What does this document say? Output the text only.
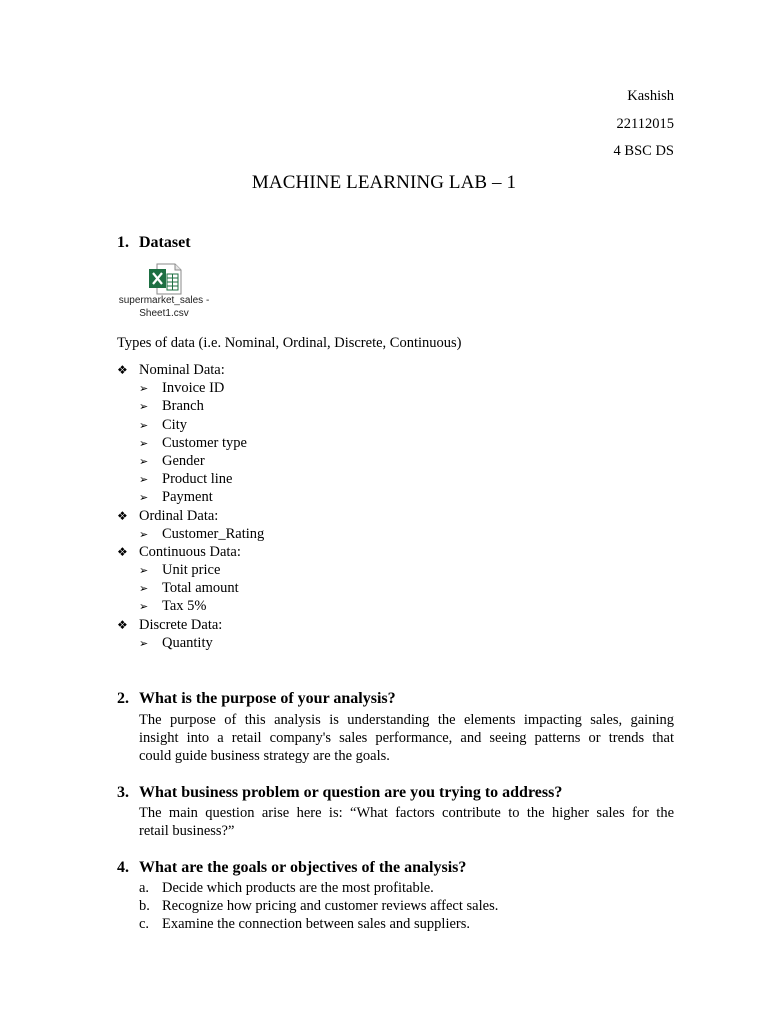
Kashish
22112015
4 BSC DS
MACHINE LEARNING LAB – 1
1. Dataset
supermarket_sales -
Sheet1.csv
Types of data (i.e. Nominal, Ordinal, Discrete, Continuous)
❖ Nominal Data:
➢ Invoice ID
➢ Branch
➢ City
➢ Customer type
➢ Gender
➢ Product line
➢ Payment
❖ Ordinal Data:
➢ Customer_Rating
❖ Continuous Data:
➢ Unit price
➢ Total amount
➢ Tax 5%
❖ Discrete Data:
➢ Quantity
2. What is the purpose of your analysis?
The purpose of this analysis is understanding the elements impacting sales, gaining
insight into a retail company's sales performance, and seeing patterns or trends that
could guide business strategy are the goals.
3. What business problem or question are you trying to address?
The main question arise here is: “What factors contribute to the higher sales for the
retail business?”
4. What are the goals or objectives of the analysis?
a. Decide which products are the most profitable.
b. Recognize how pricing and customer reviews affect sales.
c. Examine the connection between sales and suppliers.
